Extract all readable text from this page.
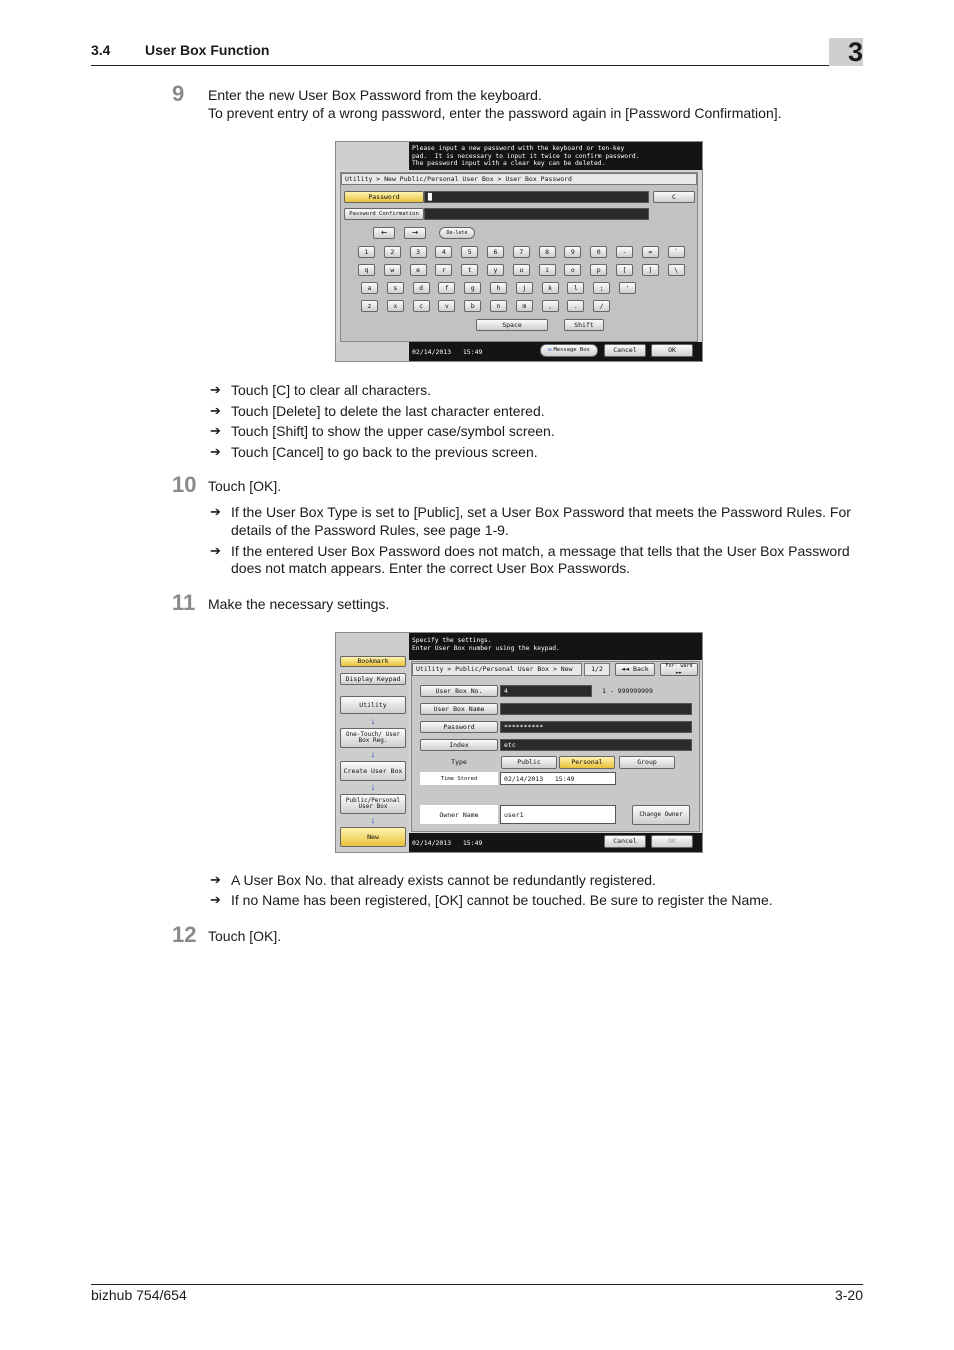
3.4 User Box Function	3
9 Enter the new User Box Password from the keyboard.
To prevent entry of a wrong password, enter the password again in [Password Confirmation].
Please input a new password with the keyboard or ten-key
pad.  It is necessary to input it twice to confirm password.
The password input with a clear key can be deleted.
Utility > New Public/Personal User Box > User Box Password
Password	█	C
Password Confirmation
←	→	De-lete
1	2	3	4	5	6	7	8	9	0	-	=	`
q	w	e	r	t	y	u	i	o	p	[	]	\
a	s	d	f	g	h	j	k	l	;	'
z	x	c	v	b	n	m	,	.	/
Space	Shift
02/14/2013   15:49	✉ Message Box	Cancel	OK
➔ Touch [C] to clear all characters.
➔ Touch [Delete] to delete the last character entered.
➔ Touch [Shift] to show the upper case/symbol screen.
➔ Touch [Cancel] to go back to the previous screen.
10 Touch [OK].
➔ If the User Box Type is set to [Public], set a User Box Password that meets the Password Rules. For
details of the Password Rules, see page 1-9.
➔ If the entered User Box Password does not match, a message that tells that the User Box Password
does not match appears. Enter the correct User Box Passwords.
11 Make the necessary settings.
Specify the settings.
Enter User Box number using the keypad.
Bookmark
Display Keypad
Utility
↓
One-Touch/ User Box Reg.
↓
Create User Box
↓
Public/Personal User Box
↓
New
Utility > Public/Personal User Box > New	1/2	◄◄ Back	For- ward ►►
User Box No.	4	1 - 999999999
User Box Name
Password	**********
Index	etc
Type	Public	Personal	Group
Time Stored	02/14/2013   15:49
Owner Name	user1	Change Owner
02/14/2013   15:49	Cancel	OK
➔ A User Box No. that already exists cannot be redundantly registered.
➔ If no Name has been registered, [OK] cannot be touched. Be sure to register the Name.
12 Touch [OK].
bizhub 754/654	3-20
